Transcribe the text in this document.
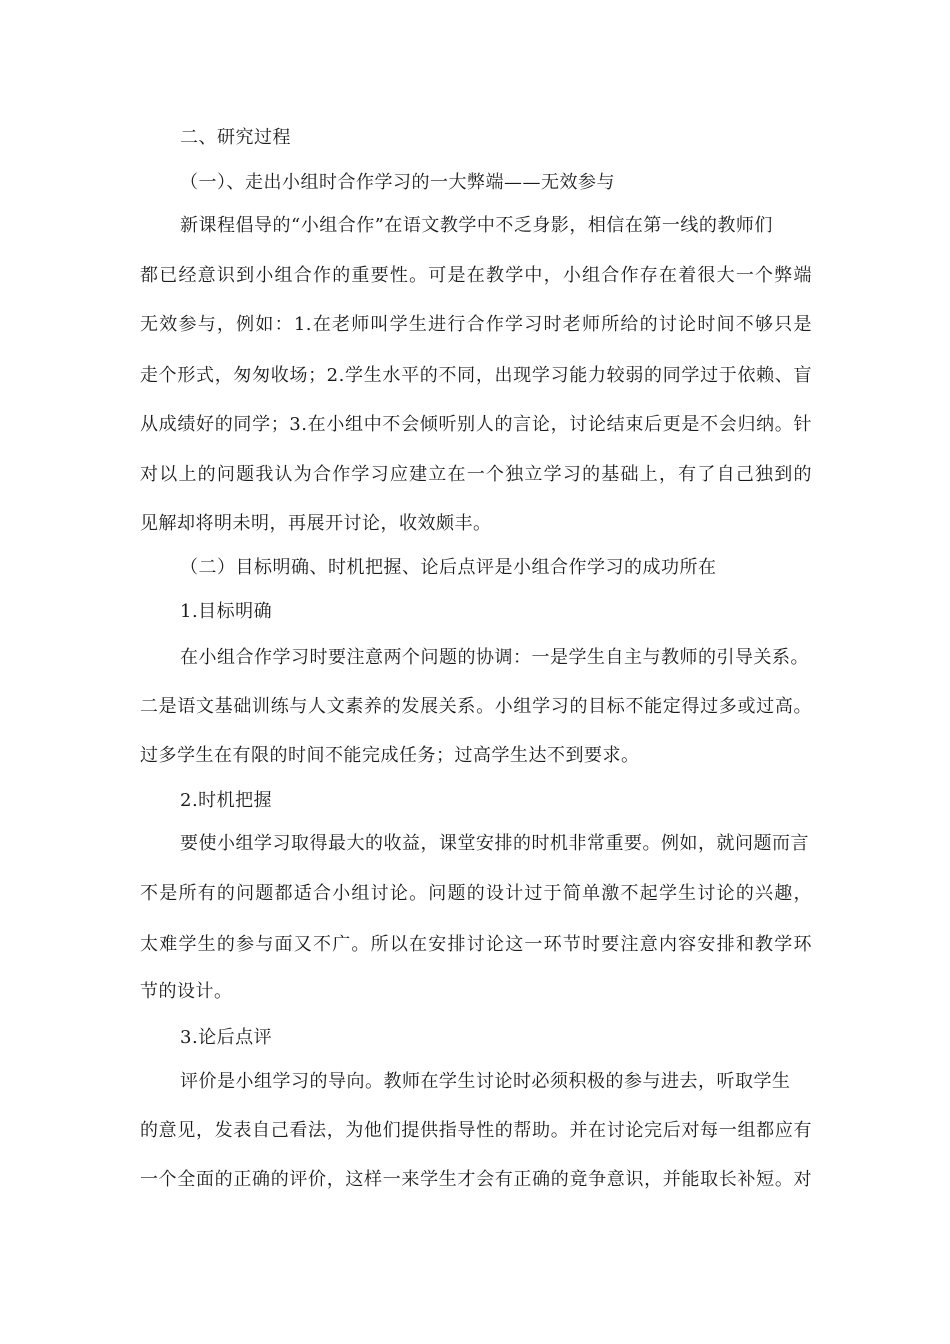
二、研究过程
（一）、走出小组时合作学习的一大弊端——无效参与
新课程倡导的“小组合作”在语文教学中不乏身影，相信在第一线的教师们
都已经意识到小组合作的重要性。可是在教学中，小组合作存在着很大一个弊端
无效参与，例如：1.在老师叫学生进行合作学习时老师所给的讨论时间不够只是
走个形式，匆匆收场；2.学生水平的不同，出现学习能力较弱的同学过于依赖、盲
从成绩好的同学；3.在小组中不会倾听别人的言论，讨论结束后更是不会归纳。针
对以上的问题我认为合作学习应建立在一个独立学习的基础上，有了自己独到的
见解却将明未明，再展开讨论，收效颇丰。
（二）目标明确、时机把握、论后点评是小组合作学习的成功所在
1.目标明确
在小组合作学习时要注意两个问题的协调：一是学生自主与教师的引导关系。
二是语文基础训练与人文素养的发展关系。小组学习的目标不能定得过多或过高。
过多学生在有限的时间不能完成任务；过高学生达不到要求。
2.时机把握
要使小组学习取得最大的收益，课堂安排的时机非常重要。例如，就问题而言
不是所有的问题都适合小组讨论。问题的设计过于简单激不起学生讨论的兴趣，
太难学生的参与面又不广。所以在安排讨论这一环节时要注意内容安排和教学环
节的设计。
3.论后点评
评价是小组学习的导向。教师在学生讨论时必须积极的参与进去，听取学生
的意见，发表自己看法，为他们提供指导性的帮助。并在讨论完后对每一组都应有
一个全面的正确的评价，这样一来学生才会有正确的竟争意识，并能取长补短。对
